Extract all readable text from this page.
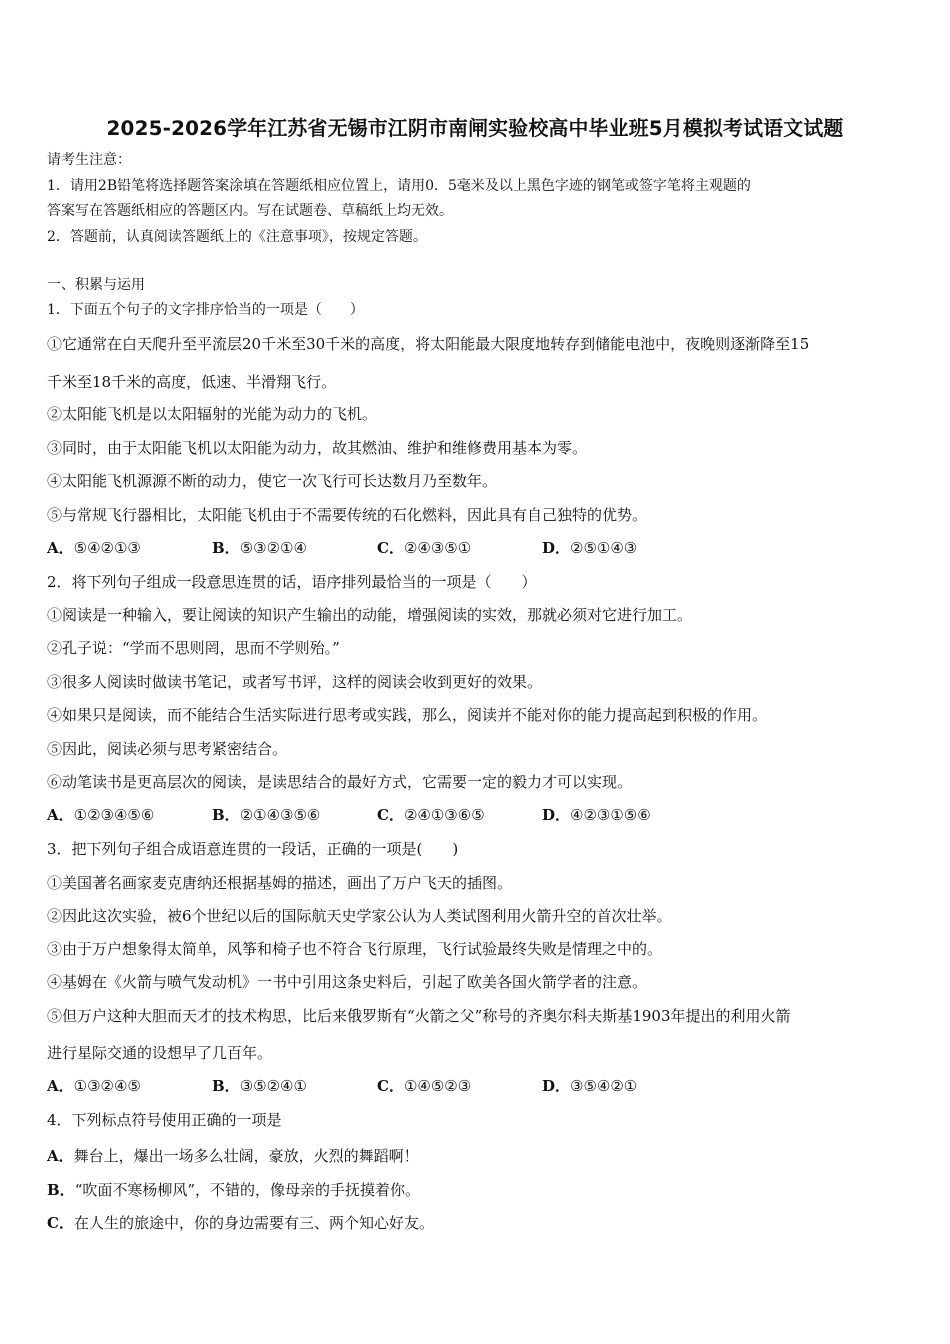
2025-2026学年江苏省无锡市江阴市南闸实验校高中毕业班5月模拟考试语文试题
请考生注意：
1．请用2B铅笔将选择题答案涂填在答题纸相应位置上，请用0．5毫米及以上黑色字迹的钢笔或签字笔将主观题的
答案写在答题纸相应的答题区内。写在试题卷、草稿纸上均无效。
2．答题前，认真阅读答题纸上的《注意事项》，按规定答题。
一、积累与运用
1．下面五个句子的文字排序恰当的一项是（　　）
①它通常在白天爬升至平流层20千米至30千米的高度，将太阳能最大限度地转存到储能电池中，夜晚则逐渐降至15
千米至18千米的高度，低速、半滑翔飞行。
②太阳能飞机是以太阳辐射的光能为动力的飞机。
③同时，由于太阳能飞机以太阳能为动力，故其燃油、维护和维修费用基本为零。
④太阳能飞机源源不断的动力，使它一次飞行可长达数月乃至数年。
⑤与常规飞行器相比，太阳能飞机由于不需要传统的石化燃料，因此具有自己独特的优势。
A．⑤④②①③	B．⑤③②①④	C．②④③⑤①	D．②⑤①④③
2．将下列句子组成一段意思连贯的话，语序排列最恰当的一项是（　　）
①阅读是一种输入，要让阅读的知识产生输出的动能，增强阅读的实效，那就必须对它进行加工。
②孔子说：“学而不思则罔，思而不学则殆。”
③很多人阅读时做读书笔记，或者写书评，这样的阅读会收到更好的效果。
④如果只是阅读，而不能结合生活实际进行思考或实践，那么，阅读并不能对你的能力提高起到积极的作用。
⑤因此，阅读必须与思考紧密结合。
⑥动笔读书是更高层次的阅读，是读思结合的最好方式，它需要一定的毅力才可以实现。
A．①②③④⑤⑥	B．②①④③⑤⑥	C．②④①③⑥⑤	D．④②③①⑤⑥
3．把下列句子组合成语意连贯的一段话，正确的一项是(　　)
①美国著名画家麦克唐纳还根据基姆的描述，画出了万户飞天的插图。
②因此这次实验，被6个世纪以后的国际航天史学家公认为人类试图利用火箭升空的首次壮举。
③由于万户想象得太简单，风筝和椅子也不符合飞行原理，飞行试验最终失败是情理之中的。
④基姆在《火箭与喷气发动机》一书中引用这条史料后，引起了欧美各国火箭学者的注意。
⑤但万户这种大胆而天才的技术构思，比后来俄罗斯有“火箭之父”称号的齐奥尔科夫斯基1903年提出的利用火箭
进行星际交通的设想早了几百年。
A．①③②④⑤	B．③⑤②④①	C．①④⑤②③	D．③⑤④②①
4．下列标点符号使用正确的一项是
A．舞台上，爆出一场多么壮阔，豪放，火烈的舞蹈啊！
B．“吹面不寒杨柳风”，不错的，像母亲的手抚摸着你。
C．在人生的旅途中，你的身边需要有三、两个知心好友。
